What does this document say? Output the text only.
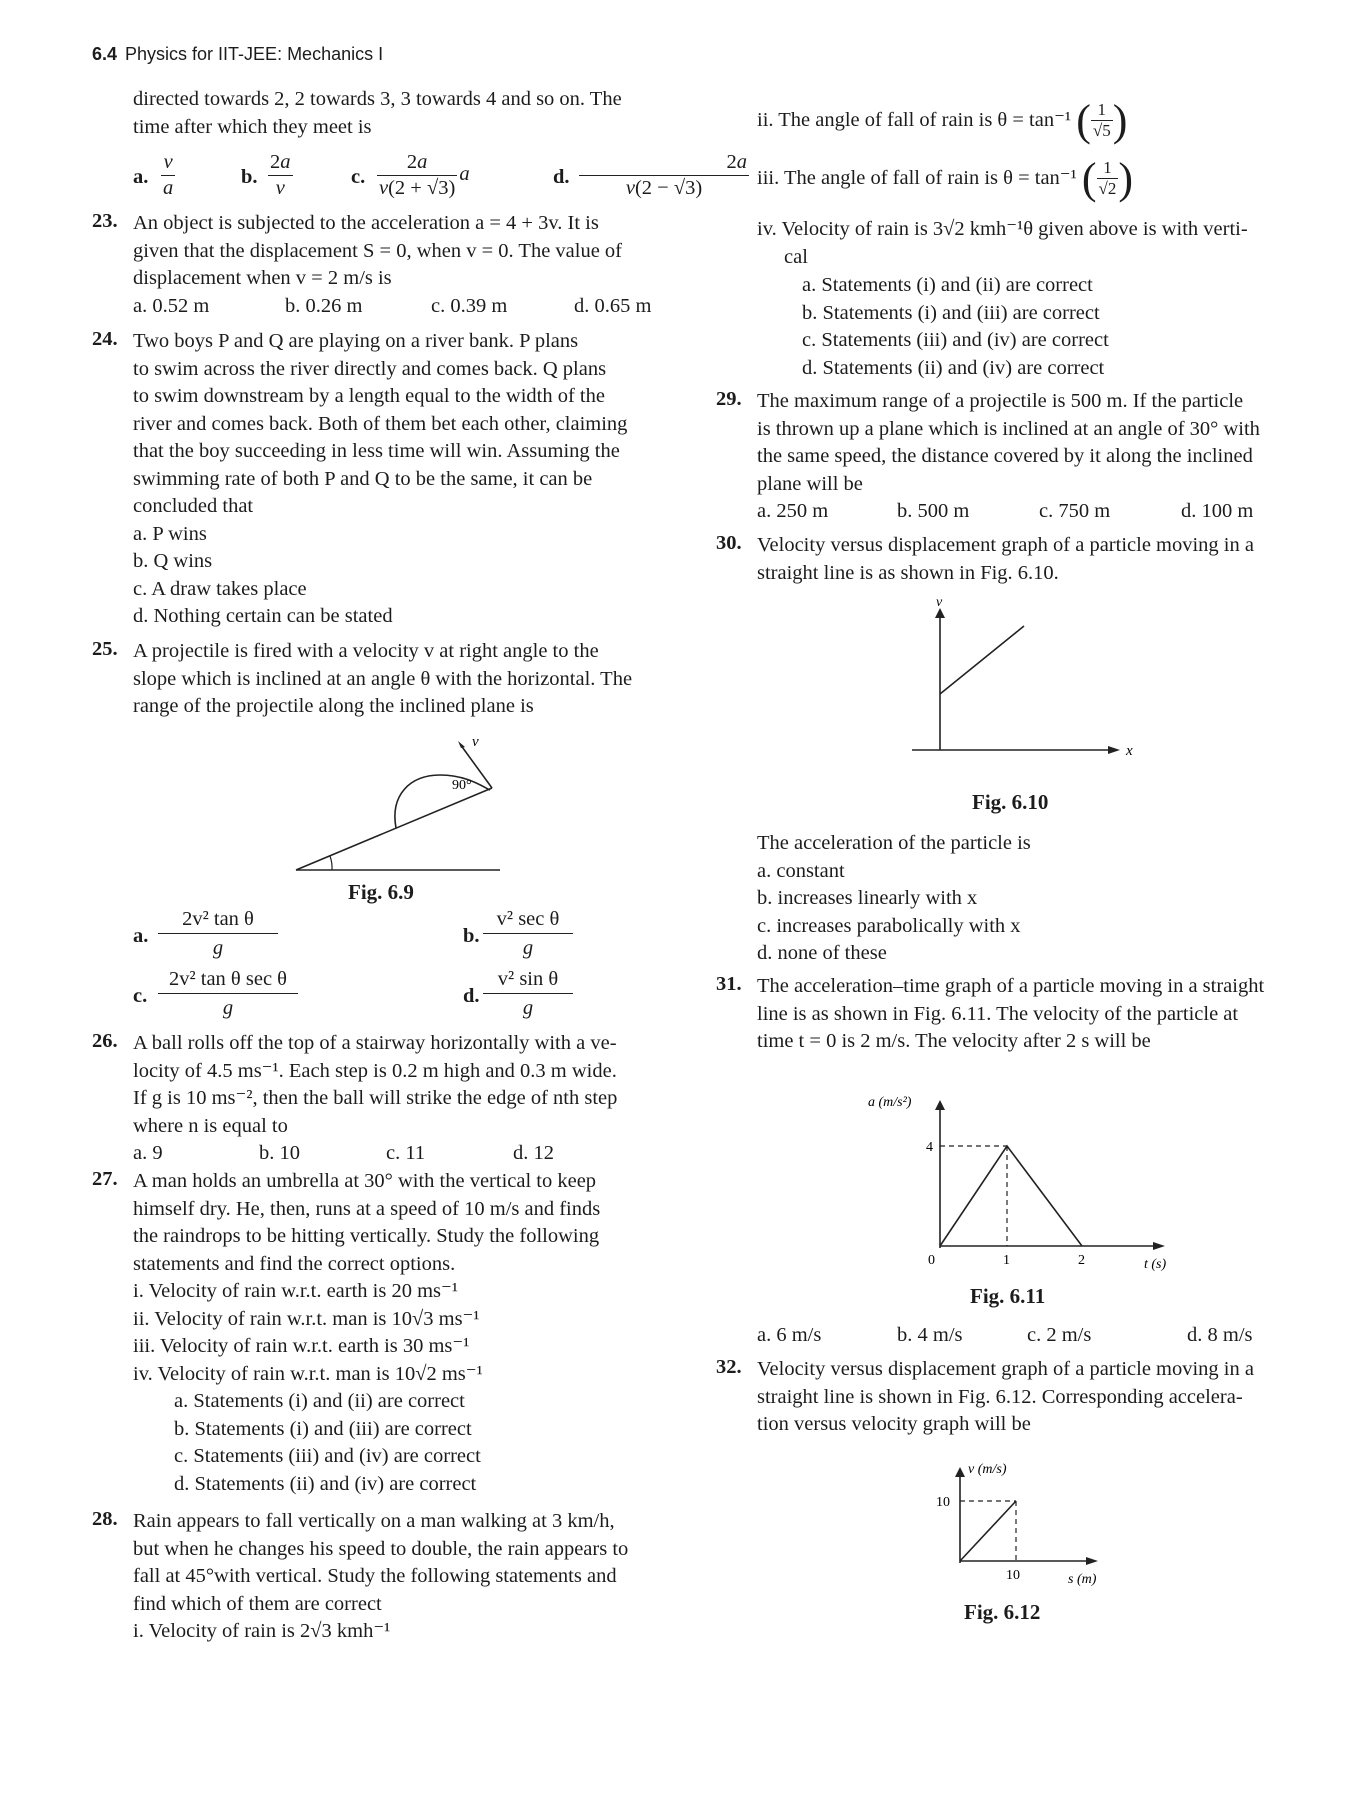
6.4 Physics for IIT-JEE: Mechanics I
directed towards 2, 2 towards 3, 3 towards 4 and so on. The
time after which they meet is
a. $\frac{v}{a}$	b. $\frac{2a}{v}$	c. $\frac{2a}{v(2 + √3)}$ a	d. $\frac{2a}{v(2 - √3)}$
23. An object is subjected to the acceleration a = 4 + 3v. It is
given that the displacement S = 0, when v = 0. The value of
displacement when v = 2 m/s is
a. 0.52 m	b. 0.26 m	c. 0.39 m	d. 0.65 m
24. Two boys P and Q are playing on a river bank. P plans
to swim across the river directly and comes back. Q plans
to swim downstream by a length equal to the width of the
river and comes back. Both of them bet each other, claiming
that the boy succeeding in less time will win. Assuming the
swimming rate of both P and Q to be the same, it can be
concluded that
a. P wins
b. Q wins
c. A draw takes place
d. Nothing certain can be stated
25. A projectile is fired with a velocity v at right angle to the
slope which is inclined at an angle θ with the horizontal. The
range of the projectile along the inclined plane is
v
90°
Fig. 6.9
a. $\frac{\text{2v² tan θ}}{g}$	b.
v² sec θ
g
c.
2v² tan θ sec θ
g
d. $\frac{\text{v² sin θ}}{g}$
26. A ball rolls off the top of a stairway horizontally with a ve-
locity of 4.5 ms⁻¹. Each step is 0.2 m high and 0.3 m wide.
If g is 10 ms⁻², then the ball will strike the edge of nth step
where n is equal to
a. 9	b. 10	c. 11	d. 12
27. A man holds an umbrella at 30° with the vertical to keep
himself dry. He, then, runs at a speed of 10 m/s and finds
the raindrops to be hitting vertically. Study the following
statements and find the correct options.
i. Velocity of rain w.r.t. earth is 20 ms⁻¹
ii. Velocity of rain w.r.t. man is 10√3 ms⁻¹
iii. Velocity of rain w.r.t. earth is 30 ms⁻¹
iv. Velocity of rain w.r.t. man is 10√2 ms⁻¹
a. Statements (i) and (ii) are correct
b. Statements (i) and (iii) are correct
c. Statements (iii) and (iv) are correct
d. Statements (ii) and (iv) are correct
28. Rain appears to fall vertically on a man walking at 3 km/h,
but when he changes his speed to double, the rain appears to
fall at 45°with vertical. Study the following statements and
find which of them are correct
i. Velocity of rain is 2√3 kmh⁻¹
ii. The angle of fall of rain is θ = tan⁻¹ ( $\frac{1}{√5}$ )
iii. The angle of fall of rain is θ = tan⁻¹ ( $\frac{1}{√2}$ )
iv. Velocity of rain is 3√2 kmh⁻¹θ given above is with verti-
cal
a. Statements (i) and (ii) are correct
b. Statements (i) and (iii) are correct
c. Statements (iii) and (iv) are correct
d. Statements (ii) and (iv) are correct
29. The maximum range of a projectile is 500 m. If the particle
is thrown up a plane which is inclined at an angle of 30° with
the same speed, the distance covered by it along the inclined
plane will be
a. 250 m	b. 500 m	c. 750 m	d. 100 m
30. Velocity versus displacement graph of a particle moving in a
straight line is as shown in Fig. 6.10.
v
x
Fig. 6.10
The acceleration of the particle is
a. constant
b. increases linearly with x
c. increases parabolically with x
d. none of these
31. The acceleration–time graph of a particle moving in a straight
line is as shown in Fig. 6.11. The velocity of the particle at
time t = 0 is 2 m/s. The velocity after 2 s will be
a (m/s²)
4
0	1	2	t (s)
Fig. 6.11
a. 6 m/s	b. 4 m/s	c. 2 m/s	d. 8 m/s
32. Velocity versus displacement graph of a particle moving in a
straight line is shown in Fig. 6.12. Corresponding accelera-
tion versus velocity graph will be
v (m/s)
10
10	s (m)
Fig. 6.12
